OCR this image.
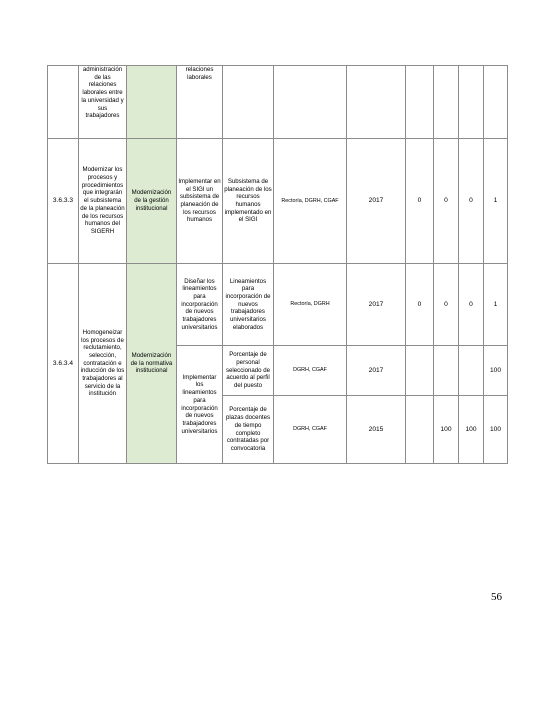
	administración de las relaciones laborales entre la universidad y sus trabajadores		relaciones laborales							
3.6.3.3	Modernizar los procesos y procedimientos que integrarán el subsistema de la planeación de los recursos humanos del SIGERH	Modernización de la gestión institucional	Implementar en el SIGI un subsistema de planeación de los recursos humanos	Subsistema de planeación de los recursos humanos implementado en el SIGI	Rectoría, DGRH, CGAF	2017	0	0	0	1
3.6.3.4	Homogeneizar los procesos de reclutamiento, selección, contratación e inducción de los trabajadores al servicio de la institución	Modernización de la normativa institucional	Diseñar los lineamientos para incorporación de nuevos trabajadores universitarios	Lineamientos para incorporación de nuevos trabajadores universitarios elaborados	Rectoría, DGRH	2017	0	0	0	1
			Implementar los lineamientos para incorporación de nuevos trabajadores universitarios	Porcentaje de personal seleccionado de acuerdo al perfil del puesto	DGRH, CGAF	2017				100
				Porcentaje de plazas docentes de tiempo completo contratadas por convocatoria	DGRH, CGAF	2015		100	100	100
56
